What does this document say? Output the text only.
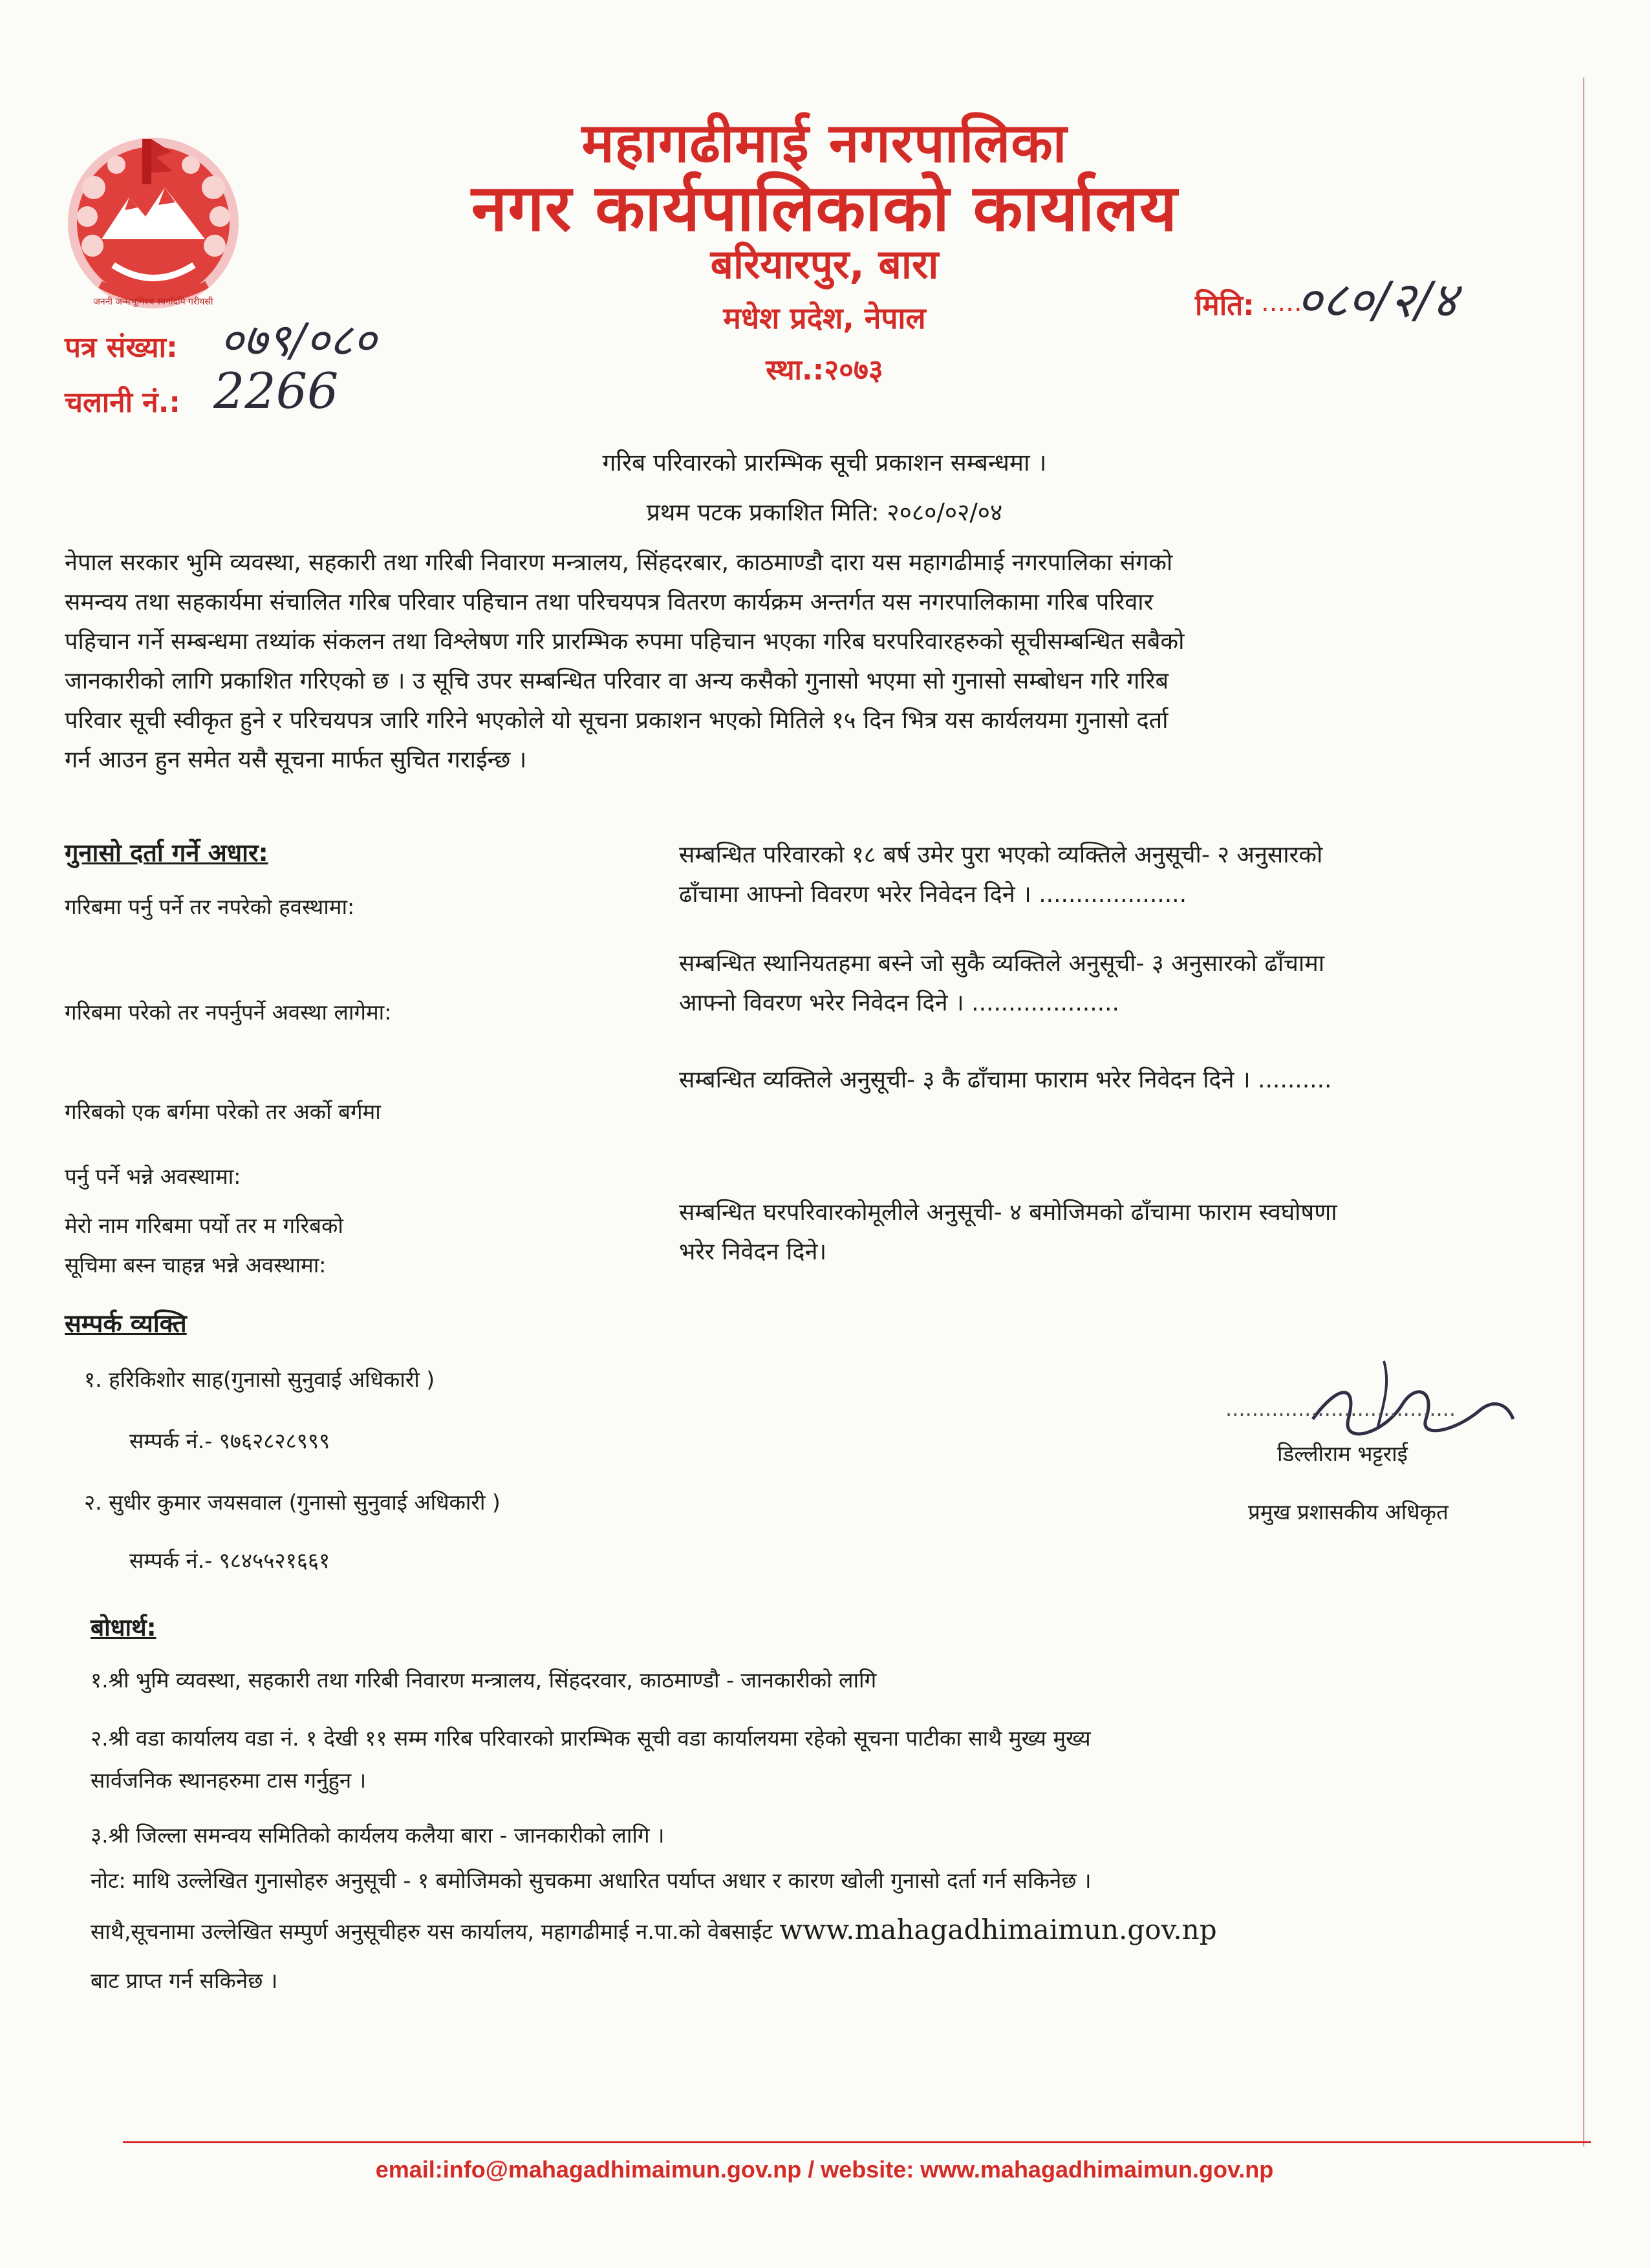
जननी जन्मभूमिश्च स्वर्गादपि गरीयसी
महागढीमाई नगरपालिका
नगर कार्यपालिकाको कार्यालय
बरियारपुर, बारा
मधेश प्रदेश, नेपाल
स्था.:२०७३
पत्र संख्या: ०७९/०८०
चलानी नं.: 2266
मिति: .....
०८०/२/४
गरिब परिवारको प्रारम्भिक सूची प्रकाशन सम्बन्धमा ।
प्रथम पटक प्रकाशित मिति: २०८०/०२/०४
नेपाल सरकार भुमि व्यवस्था, सहकारी तथा गरिबी निवारण मन्त्रालय, सिंहदरबार, काठमाण्डौ दारा यस महागढीमाई नगरपालिका संगको
समन्वय तथा सहकार्यमा संचालित गरिब परिवार पहिचान तथा परिचयपत्र वितरण कार्यक्रम अन्तर्गत यस नगरपालिकामा गरिब परिवार
पहिचान गर्ने सम्बन्धमा तथ्यांक संकलन तथा विश्लेषण गरि प्रारम्भिक रुपमा पहिचान भएका गरिब घरपरिवारहरुको सूचीसम्बन्धित सबैको
जानकारीको लागि प्रकाशित गरिएको छ । उ सूचि उपर सम्बन्धित परिवार वा अन्य कसैको गुनासो भएमा सो गुनासो सम्बोधन गरि गरिब
परिवार सूची स्वीकृत हुने र परिचयपत्र जारि गरिने भएकोले यो सूचना प्रकाशन भएको मितिले १५ दिन भित्र यस कार्यलयमा गुनासो दर्ता
गर्न आउन हुन समेत यसै सूचना मार्फत सुचित गराईन्छ ।
गुनासो दर्ता गर्ने अधार:
गरिबमा पर्नु पर्ने तर नपरेको हवस्थामा:
सम्बन्धित परिवारको १८ बर्ष उमेर पुरा भएको व्यक्तिले अनुसूची- २ अनुसारको
ढाँचामा आफ्नो विवरण भरेर निवेदन दिने । ....................
गरिबमा परेको तर नपर्नुपर्ने अवस्था लागेमा:
सम्बन्धित स्थानियतहमा बस्ने जो सुकै व्यक्तिले अनुसूची- ३ अनुसारको ढाँचामा
आफ्नो विवरण भरेर निवेदन दिने । ....................
गरिबको एक बर्गमा परेको तर अर्को बर्गमा
पर्नु पर्ने भन्ने अवस्थामा:
सम्बन्धित व्यक्तिले अनुसूची- ३ कै ढाँचामा फाराम भरेर निवेदन दिने । ..........
मेरो नाम गरिबमा पर्यो तर म गरिबको
सूचिमा बस्न चाहन्न भन्ने अवस्थामा:
सम्बन्धित घरपरिवारकोमूलीले अनुसूची- ४ बमोजिमको ढाँचामा फाराम स्वघोषणा
भरेर निवेदन दिने।
सम्पर्क व्यक्ति
१. हरिकिशोर साह(गुनासो सुनुवाई अधिकारी )
सम्पर्क नं.- ९७६२८२८९९९
२. सुधीर कुमार जयसवाल (गुनासो सुनुवाई अधिकारी )
सम्पर्क नं.- ९८४५५२१६६१
...................................
डिल्लीराम भट्टराई
प्रमुख प्रशासकीय अधिकृत
बोधार्थ:
१.श्री भुमि व्यवस्था, सहकारी तथा गरिबी निवारण मन्त्रालय, सिंहदरवार, काठमाण्डौ - जानकारीको लागि
२.श्री वडा कार्यालय वडा नं. १ देखी ११ सम्म गरिब परिवारको प्रारम्भिक सूची वडा कार्यालयमा रहेको सूचना पाटीका साथै मुख्य मुख्य
सार्वजनिक स्थानहरुमा टास गर्नुहुन ।
३.श्री जिल्ला समन्वय समितिको कार्यलय कलैया बारा - जानकारीको लागि ।
नोट: माथि उल्लेखित गुनासोहरु अनुसूची - १ बमोजिमको सुचकमा अधारित पर्याप्त अधार र कारण खोली गुनासो दर्ता गर्न सकिनेछ ।
साथै,सूचनामा उल्लेखित सम्पुर्ण अनुसूचीहरु यस कार्यालय, महागढीमाई न.पा.को वेबसाईट www.mahagadhimaimun.gov.np
बाट प्राप्त गर्न सकिनेछ ।
email:info@mahagadhimaimun.gov.np / website: www.mahagadhimaimun.gov.np
